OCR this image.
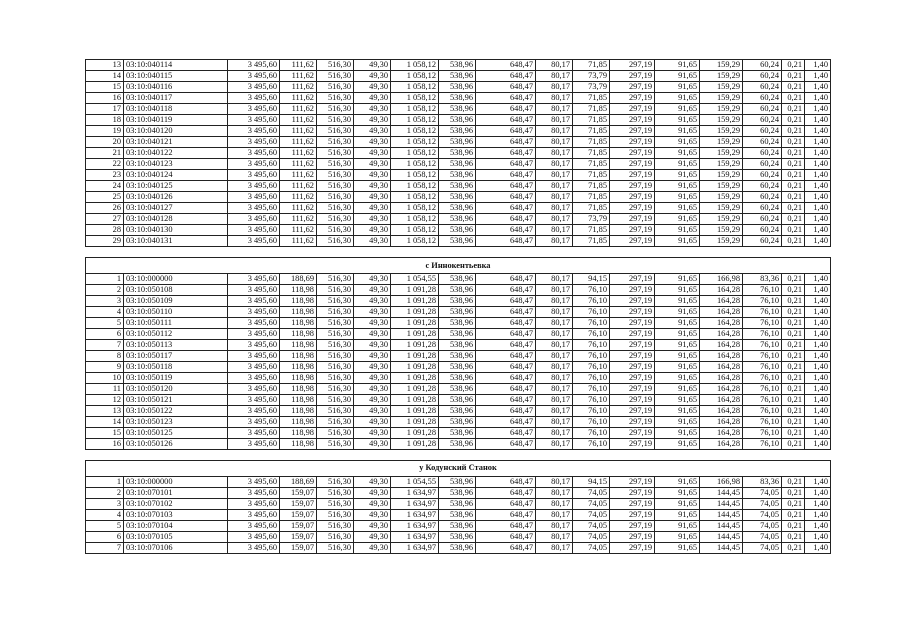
13	03:10:040114	3 495,60	111,62	516,30	49,30	1 058,12	538,96	648,47	80,17	71,85	297,19	91,65	159,29	60,24	0,21	1,40
14	03:10:040115	3 495,60	111,62	516,30	49,30	1 058,12	538,96	648,47	80,17	73,79	297,19	91,65	159,29	60,24	0,21	1,40
15	03:10:040116	3 495,60	111,62	516,30	49,30	1 058,12	538,96	648,47	80,17	73,79	297,19	91,65	159,29	60,24	0,21	1,40
16	03:10:040117	3 495,60	111,62	516,30	49,30	1 058,12	538,96	648,47	80,17	71,85	297,19	91,65	159,29	60,24	0,21	1,40
17	03:10:040118	3 495,60	111,62	516,30	49,30	1 058,12	538,96	648,47	80,17	71,85	297,19	91,65	159,29	60,24	0,21	1,40
18	03:10:040119	3 495,60	111,62	516,30	49,30	1 058,12	538,96	648,47	80,17	71,85	297,19	91,65	159,29	60,24	0,21	1,40
19	03:10:040120	3 495,60	111,62	516,30	49,30	1 058,12	538,96	648,47	80,17	71,85	297,19	91,65	159,29	60,24	0,21	1,40
20	03:10:040121	3 495,60	111,62	516,30	49,30	1 058,12	538,96	648,47	80,17	71,85	297,19	91,65	159,29	60,24	0,21	1,40
21	03:10:040122	3 495,60	111,62	516,30	49,30	1 058,12	538,96	648,47	80,17	71,85	297,19	91,65	159,29	60,24	0,21	1,40
22	03:10:040123	3 495,60	111,62	516,30	49,30	1 058,12	538,96	648,47	80,17	71,85	297,19	91,65	159,29	60,24	0,21	1,40
23	03:10:040124	3 495,60	111,62	516,30	49,30	1 058,12	538,96	648,47	80,17	71,85	297,19	91,65	159,29	60,24	0,21	1,40
24	03:10:040125	3 495,60	111,62	516,30	49,30	1 058,12	538,96	648,47	80,17	71,85	297,19	91,65	159,29	60,24	0,21	1,40
25	03:10:040126	3 495,60	111,62	516,30	49,30	1 058,12	538,96	648,47	80,17	71,85	297,19	91,65	159,29	60,24	0,21	1,40
26	03:10:040127	3 495,60	111,62	516,30	49,30	1 058,12	538,96	648,47	80,17	71,85	297,19	91,65	159,29	60,24	0,21	1,40
27	03:10:040128	3 495,60	111,62	516,30	49,30	1 058,12	538,96	648,47	80,17	73,79	297,19	91,65	159,29	60,24	0,21	1,40
28	03:10:040130	3 495,60	111,62	516,30	49,30	1 058,12	538,96	648,47	80,17	71,85	297,19	91,65	159,29	60,24	0,21	1,40
29	03:10:040131	3 495,60	111,62	516,30	49,30	1 058,12	538,96	648,47	80,17	71,85	297,19	91,65	159,29	60,24	0,21	1,40

с Иннокентьевка																
1	03:10:000000	3 495,60	188,69	516,30	49,30	1 054,55	538,96	648,47	80,17	94,15	297,19	91,65	166,98	83,36	0,21	1,40
2	03:10:050108	3 495,60	118,98	516,30	49,30	1 091,28	538,96	648,47	80,17	76,10	297,19	91,65	164,28	76,10	0,21	1,40
3	03:10:050109	3 495,60	118,98	516,30	49,30	1 091,28	538,96	648,47	80,17	76,10	297,19	91,65	164,28	76,10	0,21	1,40
4	03:10:050110	3 495,60	118,98	516,30	49,30	1 091,28	538,96	648,47	80,17	76,10	297,19	91,65	164,28	76,10	0,21	1,40
5	03:10:050111	3 495,60	118,98	516,30	49,30	1 091,28	538,96	648,47	80,17	76,10	297,19	91,65	164,28	76,10	0,21	1,40
6	03:10:050112	3 495,60	118,98	516,30	49,30	1 091,28	538,96	648,47	80,17	76,10	297,19	91,65	164,28	76,10	0,21	1,40
7	03:10:050113	3 495,60	118,98	516,30	49,30	1 091,28	538,96	648,47	80,17	76,10	297,19	91,65	164,28	76,10	0,21	1,40
8	03:10:050117	3 495,60	118,98	516,30	49,30	1 091,28	538,96	648,47	80,17	76,10	297,19	91,65	164,28	76,10	0,21	1,40
9	03:10:050118	3 495,60	118,98	516,30	49,30	1 091,28	538,96	648,47	80,17	76,10	297,19	91,65	164,28	76,10	0,21	1,40
10	03:10:050119	3 495,60	118,98	516,30	49,30	1 091,28	538,96	648,47	80,17	76,10	297,19	91,65	164,28	76,10	0,21	1,40
11	03:10:050120	3 495,60	118,98	516,30	49,30	1 091,28	538,96	648,47	80,17	76,10	297,19	91,65	164,28	76,10	0,21	1,40
12	03:10:050121	3 495,60	118,98	516,30	49,30	1 091,28	538,96	648,47	80,17	76,10	297,19	91,65	164,28	76,10	0,21	1,40
13	03:10:050122	3 495,60	118,98	516,30	49,30	1 091,28	538,96	648,47	80,17	76,10	297,19	91,65	164,28	76,10	0,21	1,40
14	03:10:050123	3 495,60	118,98	516,30	49,30	1 091,28	538,96	648,47	80,17	76,10	297,19	91,65	164,28	76,10	0,21	1,40
15	03:10:050125	3 495,60	118,98	516,30	49,30	1 091,28	538,96	648,47	80,17	76,10	297,19	91,65	164,28	76,10	0,21	1,40
16	03:10:050126	3 495,60	118,98	516,30	49,30	1 091,28	538,96	648,47	80,17	76,10	297,19	91,65	164,28	76,10	0,21	1,40

у Кодунский Станок																
1	03:10:000000	3 495,60	188,69	516,30	49,30	1 054,55	538,96	648,47	80,17	94,15	297,19	91,65	166,98	83,36	0,21	1,40
2	03:10:070101	3 495,60	159,07	516,30	49,30	1 634,97	538,96	648,47	80,17	74,05	297,19	91,65	144,45	74,05	0,21	1,40
3	03:10:070102	3 495,60	159,07	516,30	49,30	1 634,97	538,96	648,47	80,17	74,05	297,19	91,65	144,45	74,05	0,21	1,40
4	03:10:070103	3 495,60	159,07	516,30	49,30	1 634,97	538,96	648,47	80,17	74,05	297,19	91,65	144,45	74,05	0,21	1,40
5	03:10:070104	3 495,60	159,07	516,30	49,30	1 634,97	538,96	648,47	80,17	74,05	297,19	91,65	144,45	74,05	0,21	1,40
6	03:10:070105	3 495,60	159,07	516,30	49,30	1 634,97	538,96	648,47	80,17	74,05	297,19	91,65	144,45	74,05	0,21	1,40
7	03:10:070106	3 495,60	159,07	516,30	49,30	1 634,97	538,96	648,47	80,17	74,05	297,19	91,65	144,45	74,05	0,21	1,40
